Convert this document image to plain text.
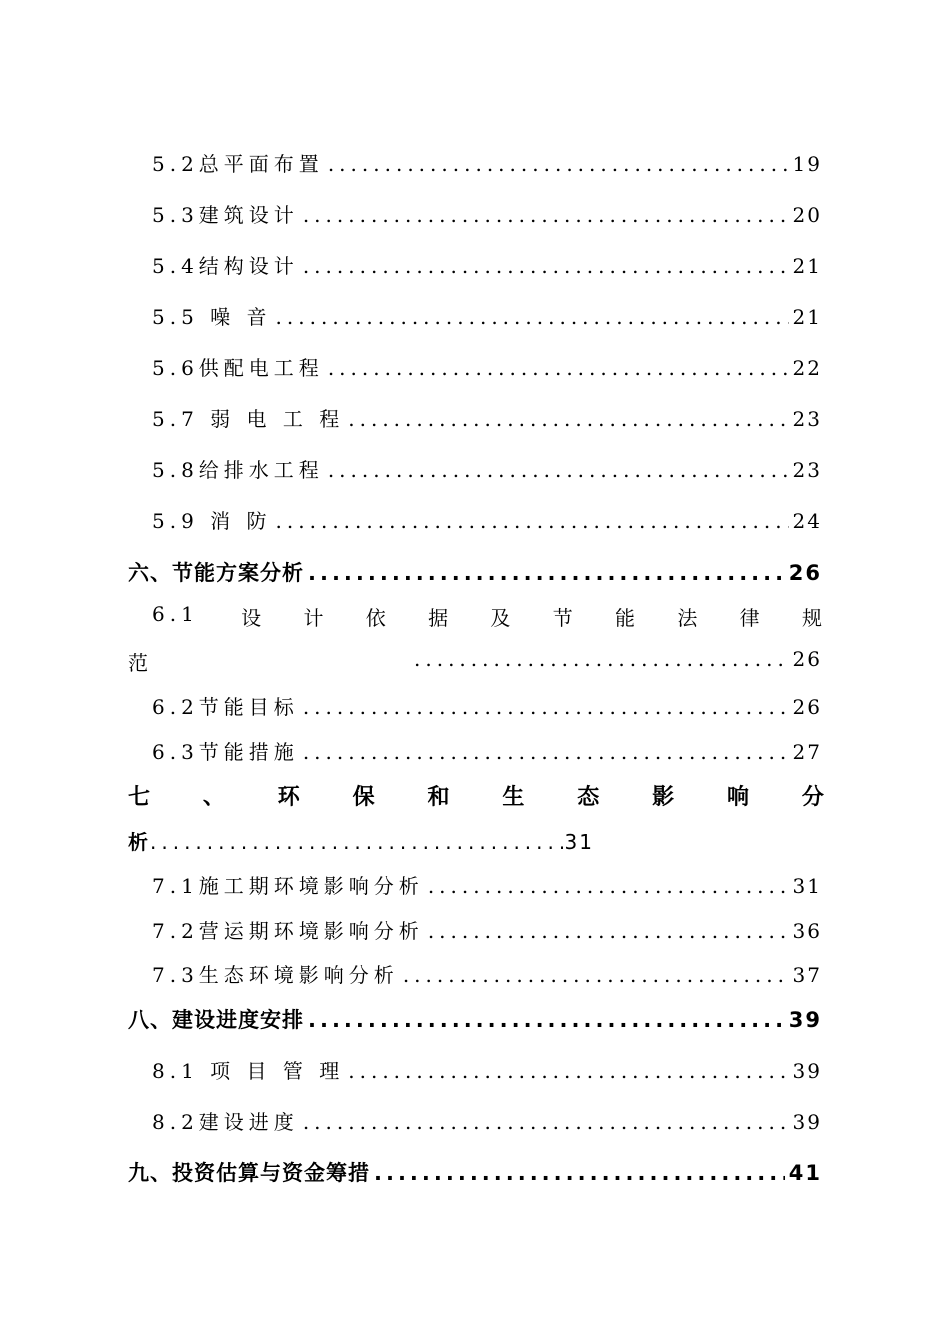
5.2总平面布置 .....	19
5.3建筑设计 .....	20
5.4结构设计 .....	21
5.5 噪 音 .....	21
5.6供配电工程 .....	22
5.7 弱 电 工 程 .....	23
5.8给排水工程 .....	23
5.9 消 防 .....	24
六、节能方案分析 .....	26
6.1 设 计 依 据 及 节 能 法 律 规
范 .....	26
6.2节能目标 .....	26
6.3节能措施 .....	27
七 、 环 保 和 生 态 影 响 分
析 .....	31
7.1施工期环境影响分析 .....	31
7.2营运期环境影响分析 .....	36
7.3生态环境影响分析 .....	37
八、建设进度安排 .....	39
8.1 项 目 管 理 .....	39
8.2建设进度 .....	39
九、投资估算与资金筹措 .....	41
